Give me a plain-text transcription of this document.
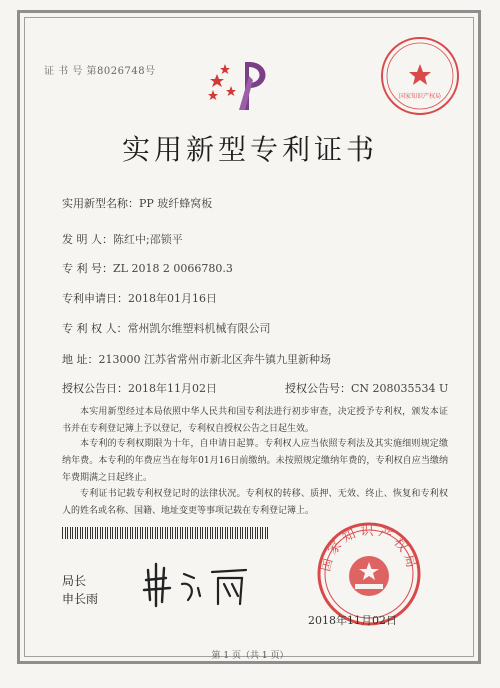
证 书 号 第8026748号
国家知识产权局
实用新型专利证书
实用新型名称：PP 玻纤蜂窝板
发 明 人：陈红中;邵锁平
专 利 号：ZL 2018 2 0066780.3
专利申请日：2018年01月16日
专 利 权 人：常州凯尔维塑料机械有限公司
地 址：213000 江苏省常州市新北区奔牛镇九里新种场
授权公告日：2018年11月02日	授权公告号：CN 208035534 U
本实用新型经过本局依照中华人民共和国专利法进行初步审查，决定授予专利权，颁发本证书并在专利登记簿上予以登记，专利权自授权公告之日起生效。
本专利的专利权期限为十年，自申请日起算。专利权人应当依照专利法及其实施细则规定缴纳年费。本专利的年费应当在每年01月16日前缴纳。未按照规定缴纳年费的，专利权自应当缴纳年费期满之日起终止。
专利证书记载专利权登记时的法律状况。专利权的转移、质押、无效、终止、恢复和专利权人的姓名或名称、国籍、地址变更等事项记载在专利登记簿上。
局长
申长雨
国家知识产权局
2018年11月02日
第 1 页（共 1 页）
